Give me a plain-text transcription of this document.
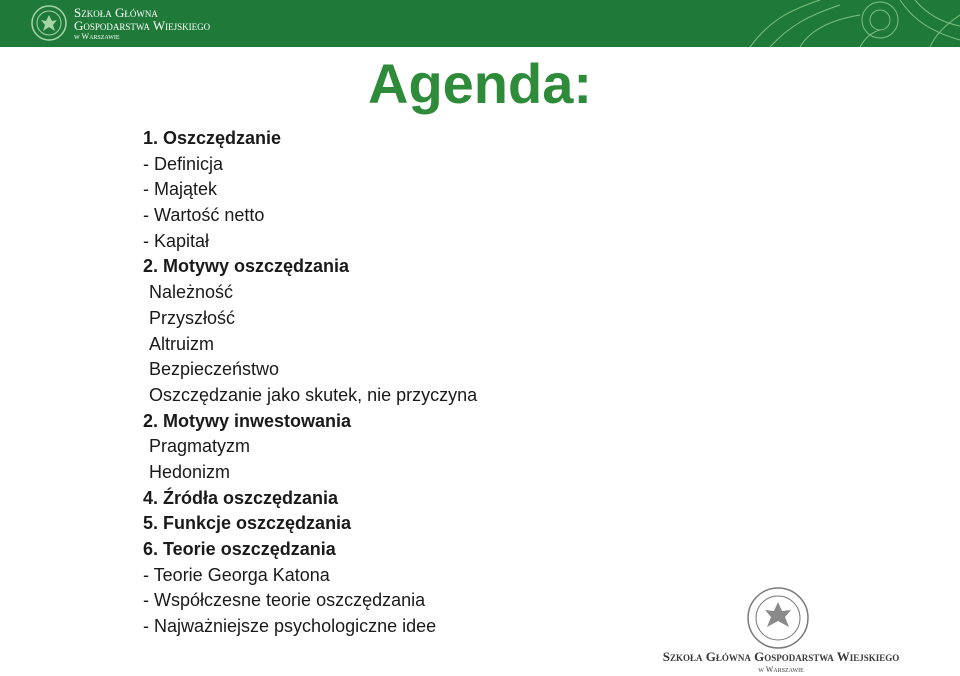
Szkoła Główna
Gospodarstwa Wiejskiego
w Warszawie
Agenda:
1. Oszczędzanie
- Definicja
- Majątek
- Wartość netto
- Kapitał
2. Motywy oszczędzania
Należność
Przyszłość
Altruizm
Bezpieczeństwo
Oszczędzanie jako skutek, nie przyczyna
2. Motywy inwestowania
Pragmatyzm
Hedonizm
4. Źródła oszczędzania
5. Funkcje oszczędzania
6. Teorie oszczędzania
- Teorie Georga Katona
- Współczesne teorie oszczędzania
- Najważniejsze psychologiczne idee
Szkoła Główna Gospodarstwa Wiejskiego
w Warszawie
